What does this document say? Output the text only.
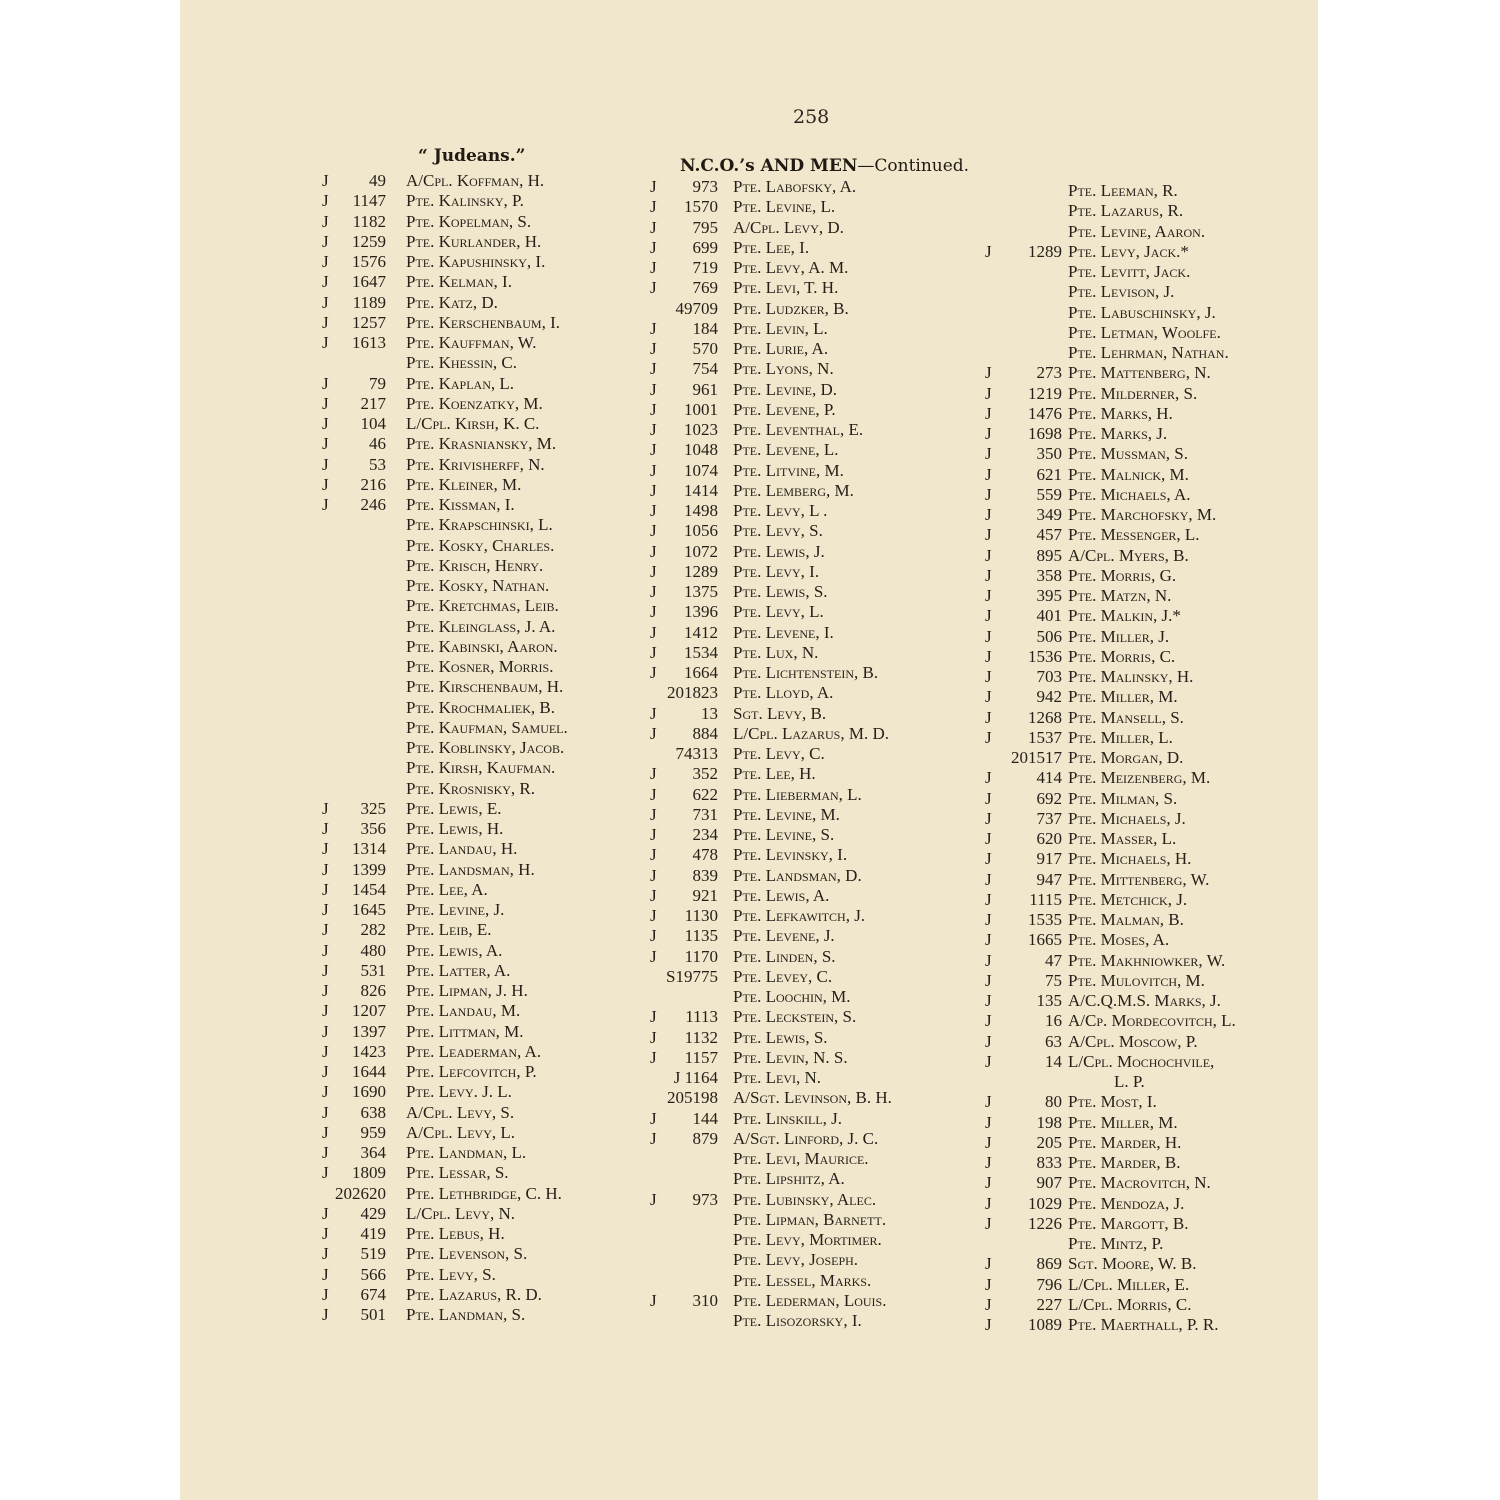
258
“ Judeans.”	N.C.O.’s AND MEN—Continued.
J	49 A/Cpl. Koffman, H.
J	1147 Pte. Kalinsky, P.
J	1182 Pte. Kopelman, S.
J	1259 Pte. Kurlander, H.
J	1576 Pte. Kapushinsky, I.
J	1647 Pte. Kelman, I.
J	1189 Pte. Katz, D.
J	1257 Pte. Kerschenbaum, I.
J	1613 Pte. Kauffman, W.
Pte. Khessin, C.
J	79 Pte. Kaplan, L.
J	217 Pte. Koenzatky, M.
J	104 L/Cpl. Kirsh, K. C.
J	46 Pte. Krasniansky, M.
J	53 Pte. Krivisherff, N.
J	216 Pte. Kleiner, M.
J	246 Pte. Kissman, I.
Pte. Krapschinski, L.
Pte. Kosky, Charles.
Pte. Krisch, Henry.
Pte. Kosky, Nathan.
Pte. Kretchmas, Leib.
Pte. Kleinglass, J. A.
Pte. Kabinski, Aaron.
Pte. Kosner, Morris.
Pte. Kirschenbaum, H.
Pte. Krochmaliek, B.
Pte. Kaufman, Samuel.
Pte. Koblinsky, Jacob.
Pte. Kirsh, Kaufman.
Pte. Krosnisky, R.
J	325 Pte. Lewis, E.
J	356 Pte. Lewis, H.
J	1314 Pte. Landau, H.
J	1399 Pte. Landsman, H.
J	1454 Pte. Lee, A.
J	1645 Pte. Levine, J.
J	282 Pte. Leib, E.
J	480 Pte. Lewis, A.
J	531 Pte. Latter, A.
J	826 Pte. Lipman, J. H.
J	1207 Pte. Landau, M.
J	1397 Pte. Littman, M.
J	1423 Pte. Leaderman, A.
J	1644 Pte. Lefcovitch, P.
J	1690 Pte. Levy. J. L.
J	638 A/Cpl. Levy, S.
J	959 A/Cpl. Levy, L.
J	364 Pte. Landman, L.
J	1809 Pte. Lessar, S.
202620 Pte. Lethbridge, C. H.
J	429 L/Cpl. Levy, N.
J	419 Pte. Lebus, H.
J	519 Pte. Levenson, S.
J	566 Pte. Levy, S.
J	674 Pte. Lazarus, R. D.
J	501 Pte. Landman, S.
J	973 Pte. Labofsky, A.
J	1570 Pte. Levine, L.
J	795 A/Cpl. Levy, D.
J	699 Pte. Lee, I.
J	719 Pte. Levy, A. M.
J	769 Pte. Levi, T. H.
49709 Pte. Ludzker, B.
J	184 Pte. Levin, L.
J	570 Pte. Lurie, A.
J	754 Pte. Lyons, N.
J	961 Pte. Levine, D.
J	1001 Pte. Levene, P.
J	1023 Pte. Leventhal, E.
J	1048 Pte. Levene, L.
J	1074 Pte. Litvine, M.
J	1414 Pte. Lemberg, M.
J	1498 Pte. Levy, L .
J	1056 Pte. Levy, S.
J	1072 Pte. Lewis, J.
J	1289 Pte. Levy, I.
J	1375 Pte. Lewis, S.
J	1396 Pte. Levy, L.
J	1412 Pte. Levene, I.
J	1534 Pte. Lux, N.
J	1664 Pte. Lichtenstein, B.
201823 Pte. Lloyd, A.
J	13 Sgt. Levy, B.
J	884 L/Cpl. Lazarus, M. D.
74313 Pte. Levy, C.
J	352 Pte. Lee, H.
J	622 Pte. Lieberman, L.
J	731 Pte. Levine, M.
J	234 Pte. Levine, S.
J	478 Pte. Levinsky, I.
J	839 Pte. Landsman, D.
J	921 Pte. Lewis, A.
J	1130 Pte. Lefkawitch, J.
J	1135 Pte. Levene, J.
J	1170 Pte. Linden, S.
S19775 Pte. Levey, C.
Pte. Loochin, M.
J	1113 Pte. Leckstein, S.
J	1132 Pte. Lewis, S.
J	1157 Pte. Levin, N. S.
J 1164 Pte. Levi, N.
205198 A/Sgt. Levinson, B. H.
J	144 Pte. Linskill, J.
J	879 A/Sgt. Linford, J. C.
Pte. Levi, Maurice.
Pte. Lipshitz, A.
J	973 Pte. Lubinsky, Alec.
Pte. Lipman, Barnett.
Pte. Levy, Mortimer.
Pte. Levy, Joseph.
Pte. Lessel, Marks.
J	310 Pte. Lederman, Louis.
Pte. Lisozorsky, I.
Pte. Leeman, R.
Pte. Lazarus, R.
Pte. Levine, Aaron.
J	1289 Pte. Levy, Jack.*
Pte. Levitt, Jack.
Pte. Levison, J.
Pte. Labuschinsky, J.
Pte. Letman, Woolfe.
Pte. Lehrman, Nathan.
J	273 Pte. Mattenberg, N.
J	1219 Pte. Milderner, S.
J	1476 Pte. Marks, H.
J	1698 Pte. Marks, J.
J	350 Pte. Mussman, S.
J	621 Pte. Malnick, M.
J	559 Pte. Michaels, A.
J	349 Pte. Marchofsky, M.
J	457 Pte. Messenger, L.
J	895 A/Cpl. Myers, B.
J	358 Pte. Morris, G.
J	395 Pte. Matzn, N.
J	401 Pte. Malkin, J.*
J	506 Pte. Miller, J.
J	1536 Pte. Morris, C.
J	703 Pte. Malinsky, H.
J	942 Pte. Miller, M.
J	1268 Pte. Mansell, S.
J	1537 Pte. Miller, L.
201517 Pte. Morgan, D.
J	414 Pte. Meizenberg, M.
J	692 Pte. Milman, S.
J	737 Pte. Michaels, J.
J	620 Pte. Masser, L.
J	917 Pte. Michaels, H.
J	947 Pte. Mittenberg, W.
J	1115 Pte. Metchick, J.
J	1535 Pte. Malman, B.
J	1665 Pte. Moses, A.
J	47 Pte. Makhniowker, W.
J	75 Pte. Mulovitch, M.
J	135 A/C.Q.M.S. Marks, J.
J	16 A/Cp. Mordecovitch, L.
J	63 A/Cpl. Moscow, P.
J	14 L/Cpl. Mochochvile,
L. P.
J	80 Pte. Most, I.
J	198 Pte. Miller, M.
J	205 Pte. Marder, H.
J	833 Pte. Marder, B.
J	907 Pte. Macrovitch, N.
J	1029 Pte. Mendoza, J.
J	1226 Pte. Margott, B.
Pte. Mintz, P.
J	869 Sgt. Moore, W. B.
J	796 L/Cpl. Miller, E.
J	227 L/Cpl. Morris, C.
J	1089 Pte. Maerthall, P. R.
